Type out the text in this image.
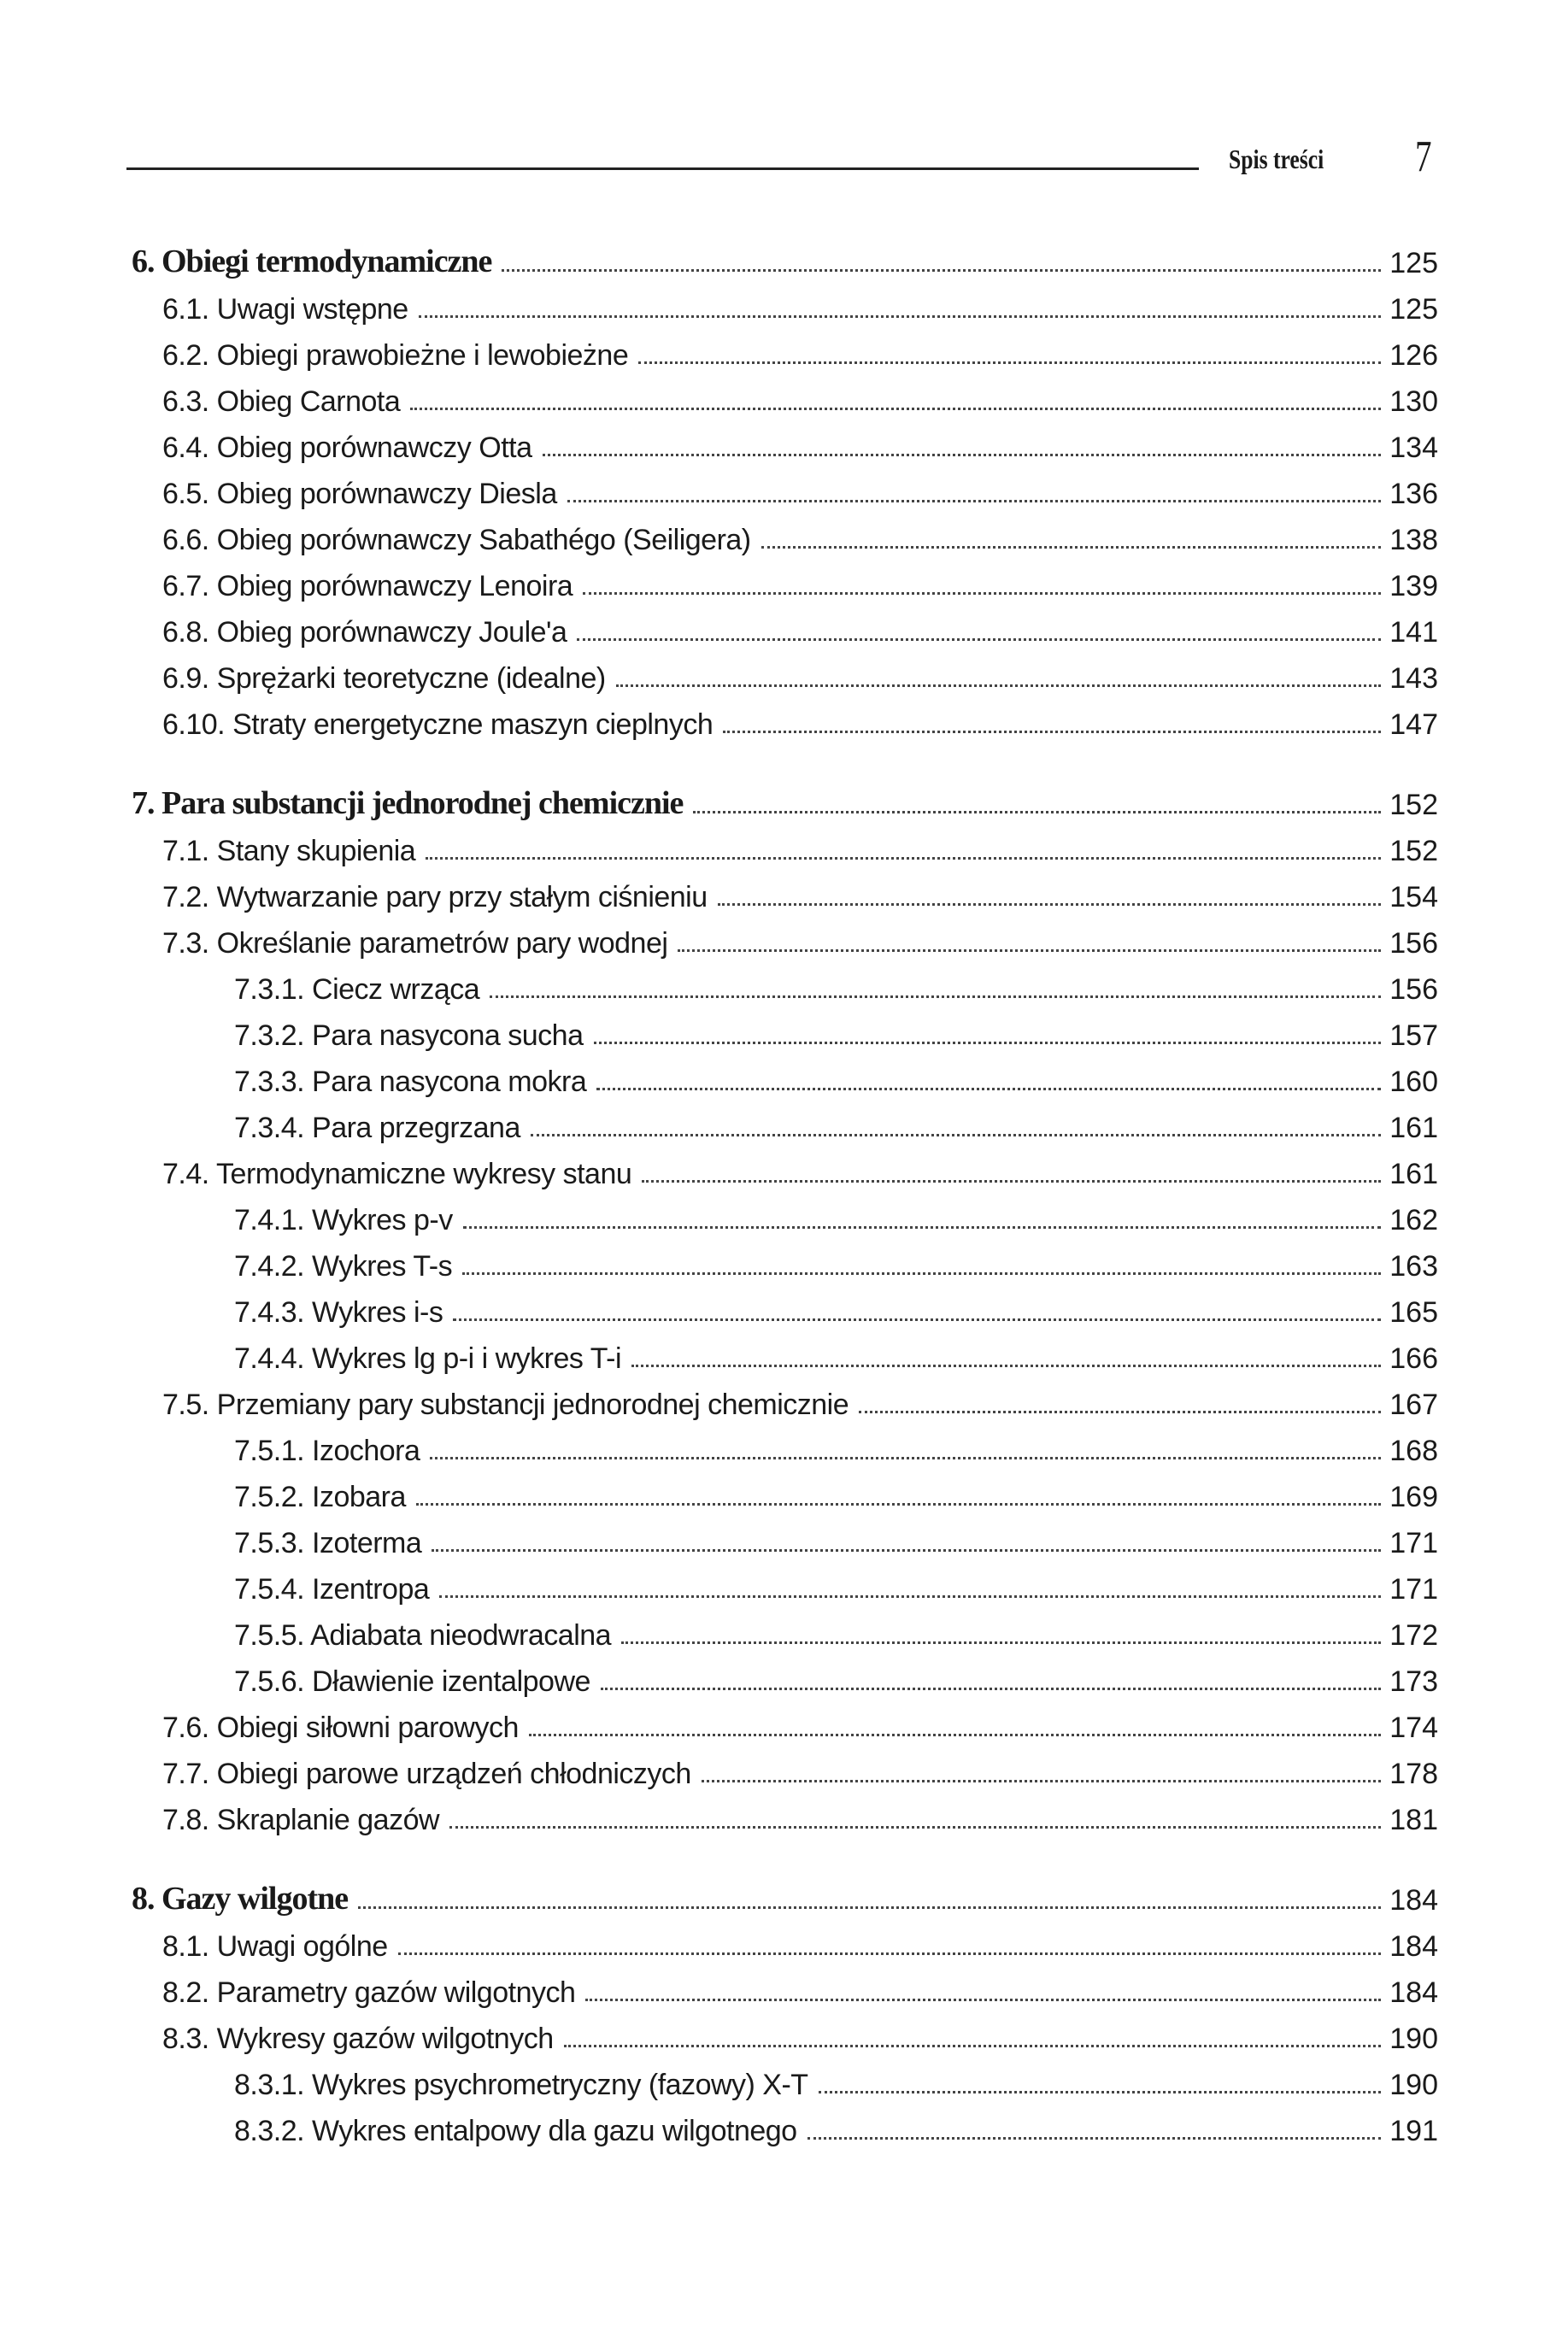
Spis treści 7
6. Obiegi termodynamiczne	125
6.1. Uwagi wstępne	125
6.2. Obiegi prawobieżne i lewobieżne	126
6.3. Obieg Carnota	130
6.4. Obieg porównawczy Otta	134
6.5. Obieg porównawczy Diesla	136
6.6. Obieg porównawczy Sabathégo (Seiligera)	138
6.7. Obieg porównawczy Lenoira	139
6.8. Obieg porównawczy Joule'a	141
6.9. Sprężarki teoretyczne (idealne)	143
6.10. Straty energetyczne maszyn cieplnych	147
7. Para substancji jednorodnej chemicznie	152
7.1. Stany skupienia	152
7.2. Wytwarzanie pary przy stałym ciśnieniu	154
7.3. Określanie parametrów pary wodnej	156
7.3.1. Ciecz wrząca	156
7.3.2. Para nasycona sucha	157
7.3.3. Para nasycona mokra	160
7.3.4. Para przegrzana	161
7.4. Termodynamiczne wykresy stanu	161
7.4.1. Wykres p-v	162
7.4.2. Wykres T-s	163
7.4.3. Wykres i-s	165
7.4.4. Wykres lg p-i i wykres T-i	166
7.5. Przemiany pary substancji jednorodnej chemicznie	167
7.5.1. Izochora	168
7.5.2. Izobara	169
7.5.3. Izoterma	171
7.5.4. Izentropa	171
7.5.5. Adiabata nieodwracalna	172
7.5.6. Dławienie izentalpowe	173
7.6. Obiegi siłowni parowych	174
7.7. Obiegi parowe urządzeń chłodniczych	178
7.8. Skraplanie gazów	181
8. Gazy wilgotne	184
8.1. Uwagi ogólne	184
8.2. Parametry gazów wilgotnych	184
8.3. Wykresy gazów wilgotnych	190
8.3.1. Wykres psychrometryczny (fazowy) X-T	190
8.3.2. Wykres entalpowy dla gazu wilgotnego	191
